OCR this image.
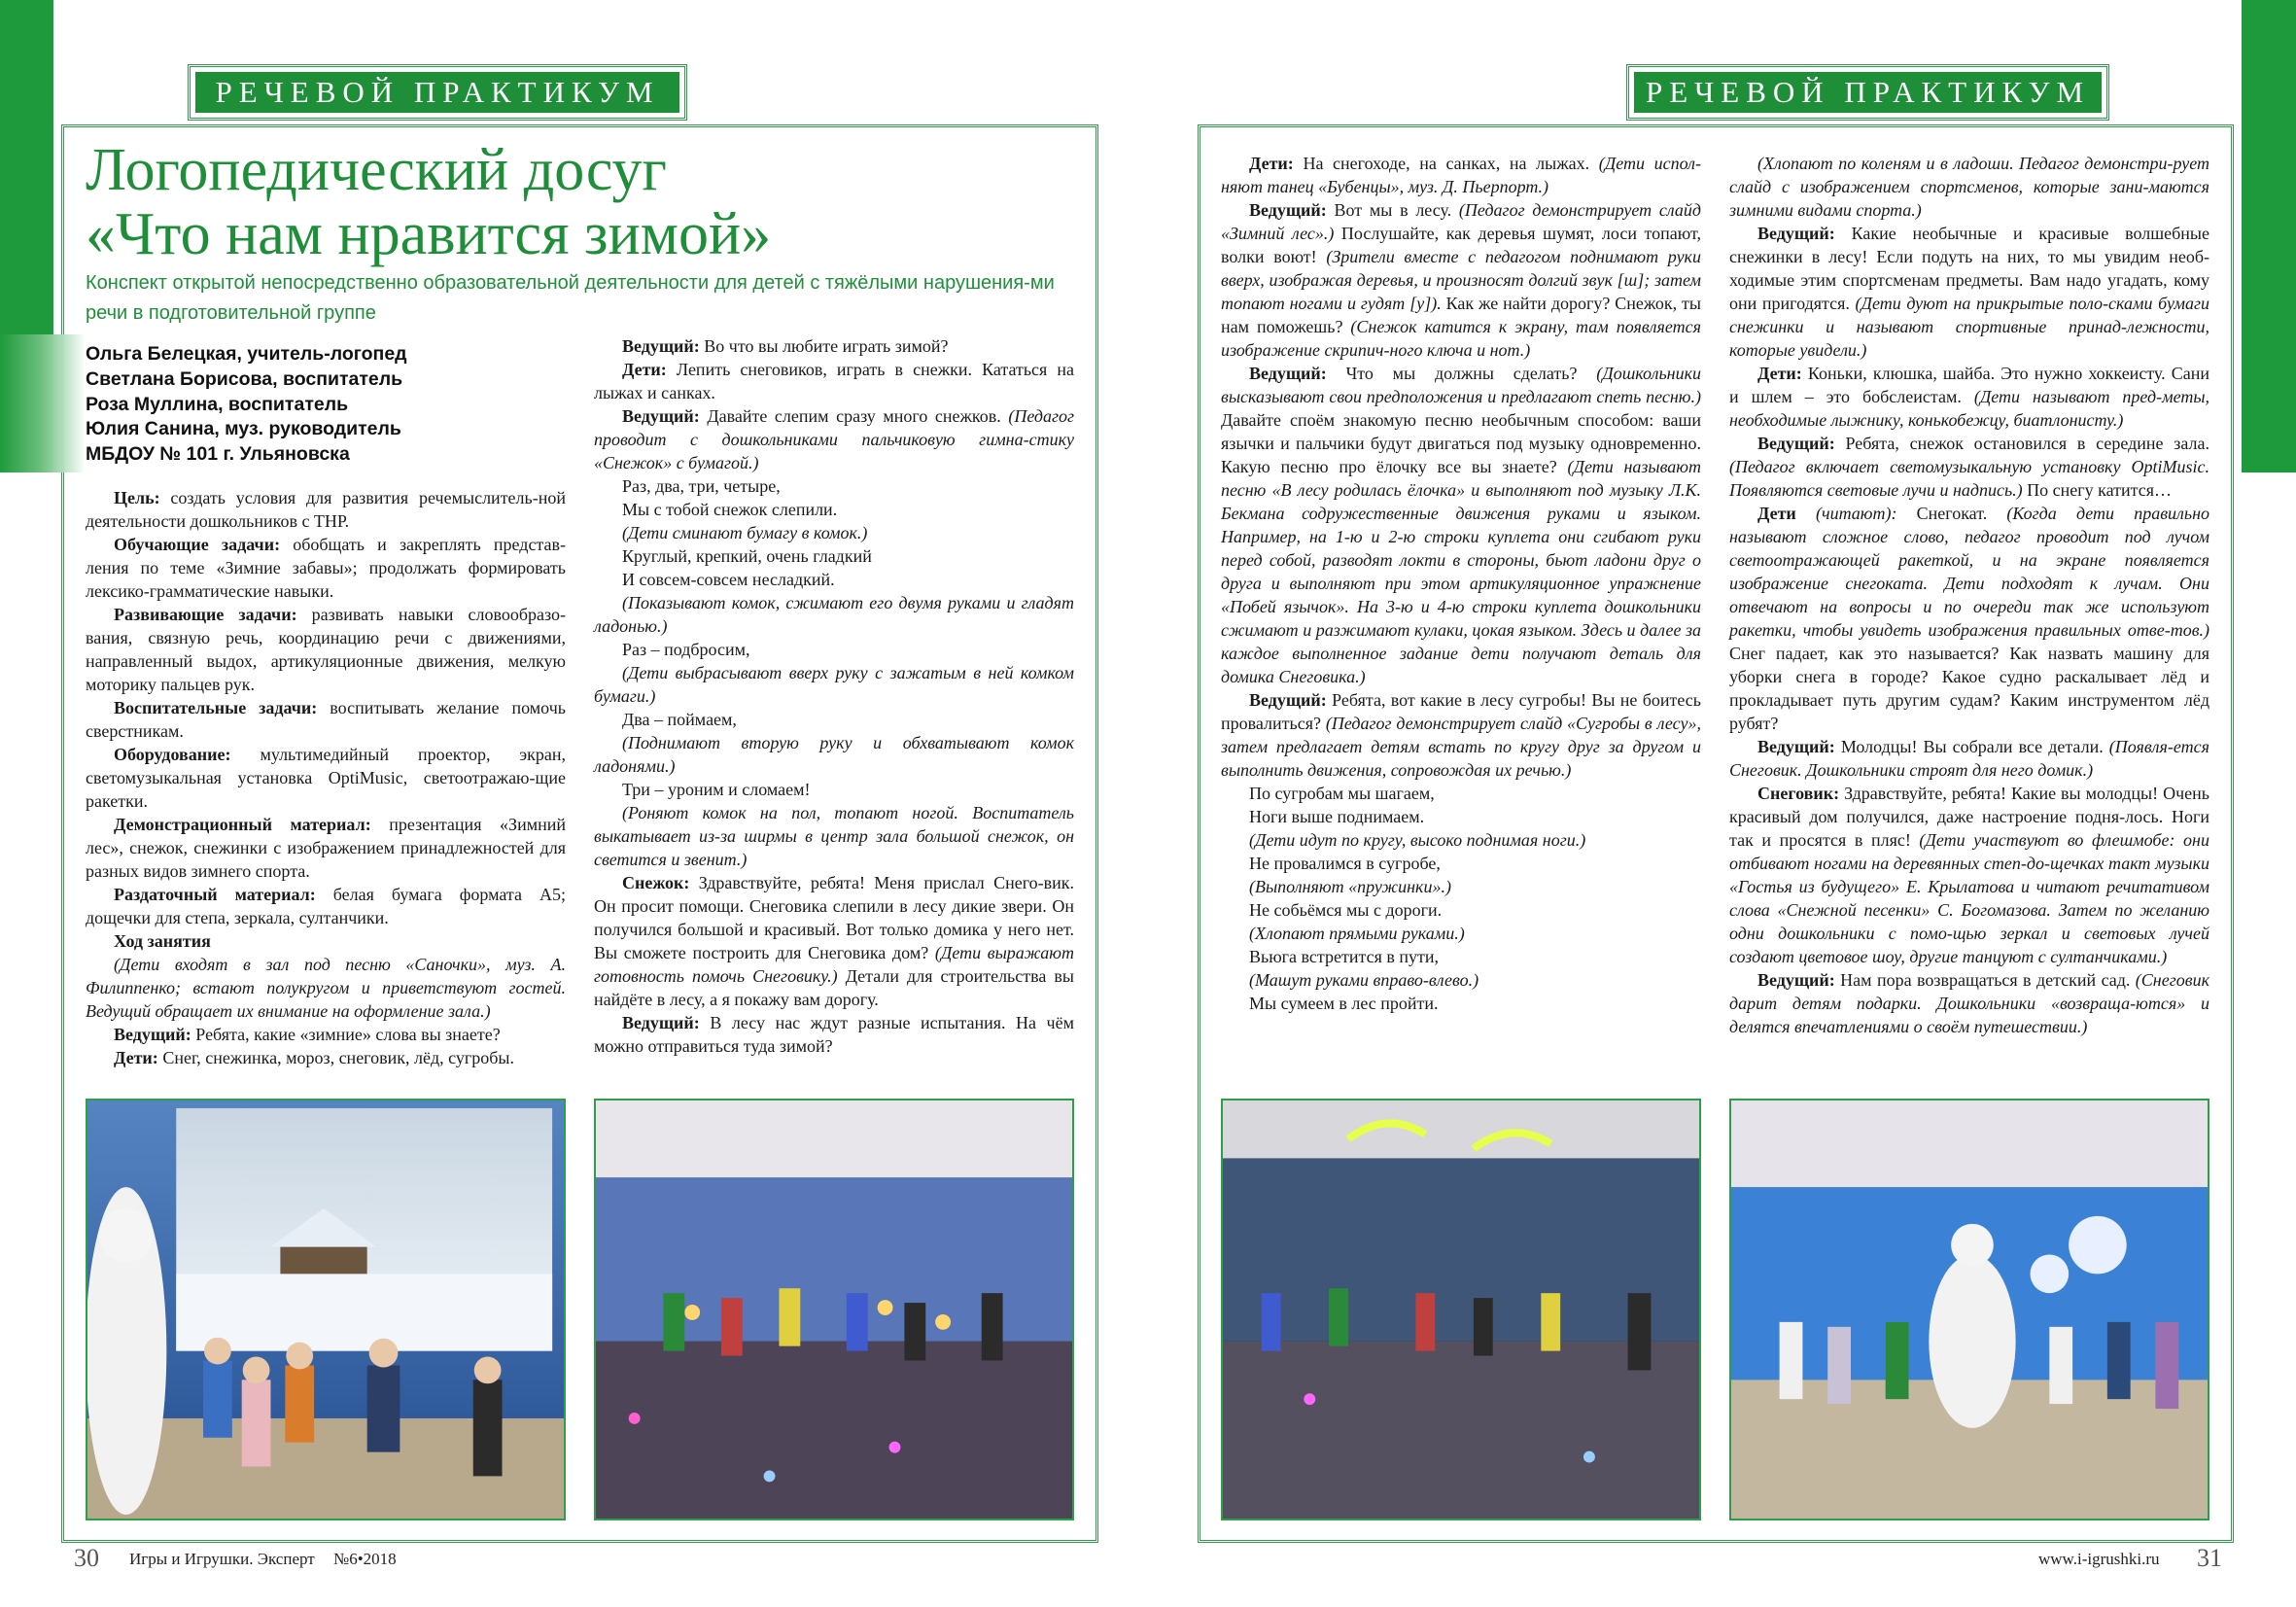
РЕЧЕВОЙ ПРАКТИКУМ	РЕЧЕВОЙ ПРАКТИКУМ
Логопедический досуг
«Что нам нравится зимой»
Конспект открытой непосредственно образовательной деятельности для детей с тяжёлыми нарушения-ми речи в подготовительной группе
Ольга Белецкая, учитель-логопед
Светлана Борисова, воспитатель
Роза Муллина, воспитатель
Юлия Санина, муз. руководитель
МБДОУ № 101 г. Ульяновска

Цель: создать условия для развития речемыслитель-ной деятельности дошкольников с ТНР.

Обучающие задачи: обобщать и закреплять представ-ления по теме «Зимние забавы»; продолжать формировать лексико-грамматические навыки.

Развивающие задачи: развивать навыки словообразо-вания, связную речь, координацию речи с движениями, направленный выдох, артикуляционные движения, мелкую моторику пальцев рук.

Воспитательные задачи: воспитывать желание помочь сверстникам.

Оборудование: мультимедийный проектор, экран, светомузыкальная установка OptiMusic, светоотражаю-щие ракетки.

Демонстрационный материал: презентация «Зимний лес», снежок, снежинки с изображением принадлежностей для разных видов зимнего спорта.

Раздаточный материал: белая бумага формата А5; дощечки для степа, зеркала, султанчики.

Ход занятия

(Дети входят в зал под песню «Саночки», муз. А. Филиппенко; встают полукругом и приветствуют гостей. Ведущий обращает их внимание на оформление зала.)

Ведущий: Ребята, какие «зимние» слова вы знаете?

Дети: Снег, снежинка, мороз, снеговик, лёд, сугробы.

Ведущий: Во что вы любите играть зимой?

Дети: Лепить снеговиков, играть в снежки. Кататься на лыжах и санках.

Ведущий: Давайте слепим сразу много снежков. (Педагог проводит с дошкольниками пальчиковую гимна-стику «Снежок» с бумагой.)

Раз, два, три, четыре,

Мы с тобой снежок слепили.

(Дети сминают бумагу в комок.)

Круглый, крепкий, очень гладкий

И совсем-совсем несладкий.

(Показывают комок, сжимают его двумя руками и гладят ладонью.)

Раз – подбросим,

(Дети выбрасывают вверх руку с зажатым в ней комком бумаги.)

Два – поймаем,

(Поднимают вторую руку и обхватывают комок ладонями.)

Три – уроним и сломаем!

(Роняют комок на пол, топают ногой. Воспитатель выкатывает из-за ширмы в центр зала большой снежок, он светится и звенит.)

Снежок: Здравствуйте, ребята! Меня прислал Снего-вик. Он просит помощи. Снеговика слепили в лесу дикие звери. Он получился большой и красивый. Вот только домика у него нет. Вы сможете построить для Снеговика дом? (Дети выражают готовность помочь Снеговику.) Детали для строительства вы найдёте в лесу, а я покажу вам дорогу.

Ведущий: В лесу нас ждут разные испытания. На чём можно отправиться туда зимой?

Дети: На снегоходе, на санках, на лыжах. (Дети испол-няют танец «Бубенцы», муз. Д. Пьерпорт.)

Ведущий: Вот мы в лесу. (Педагог демонстрирует слайд «Зимний лес».) Послушайте, как деревья шумят, лоси топают, волки воют! (Зрители вместе с педагогом поднимают руки вверх, изображая деревья, и произносят долгий звук [ш]; затем топают ногами и гудят [у]). Как же найти дорогу? Снежок, ты нам поможешь? (Снежок катится к экрану, там появляется изображение скрипич-ного ключа и нот.)

Ведущий: Что мы должны сделать? (Дошкольники высказывают свои предположения и предлагают спеть песню.) Давайте споём знакомую песню необычным способом: ваши язычки и пальчики будут двигаться под музыку одновременно. Какую песню про ёлочку все вы знаете? (Дети называют песню «В лесу родилась ёлочка» и выполняют под музыку Л.К. Бекмана содружественные движения руками и языком. Например, на 1-ю и 2-ю строки куплета они сгибают руки перед собой, разводят локти в стороны, бьют ладони друг о друга и выполняют при этом артикуляционное упражнение «Побей язычок». На 3-ю и 4-ю строки куплета дошкольники сжимают и разжимают кулаки, цокая языком. Здесь и далее за каждое выполненное задание дети получают деталь для домика Снеговика.)

Ведущий: Ребята, вот какие в лесу сугробы! Вы не боитесь провалиться? (Педагог демонстрирует слайд «Сугробы в лесу», затем предлагает детям встать по кругу друг за другом и выполнить движения, сопровождая их речью.)

По сугробам мы шагаем,

Ноги выше поднимаем.

(Дети идут по кругу, высоко поднимая ноги.)

Не провалимся в сугробе,

(Выполняют «пружинки».)

Не собьёмся мы с дороги.

(Хлопают прямыми руками.)

Вьюга встретится в пути,

(Машут руками вправо-влево.)

Мы сумеем в лес пройти.

(Хлопают по коленям и в ладоши. Педагог демонстри-рует слайд с изображением спортсменов, которые зани-маются зимними видами спорта.)

Ведущий: Какие необычные и красивые волшебные снежинки в лесу! Если подуть на них, то мы увидим необ-ходимые этим спортсменам предметы. Вам надо угадать, кому они пригодятся. (Дети дуют на прикрытые поло-сками бумаги снежинки и называют спортивные принад-лежности, которые увидели.)

Дети: Коньки, клюшка, шайба. Это нужно хоккеисту. Сани и шлем – это бобслеистам. (Дети называют пред-меты, необходимые лыжнику, конькобежцу, биатлонисту.)

Ведущий: Ребята, снежок остановился в середине зала. (Педагог включает светомузыкальную установку OptiMusic. Появляются световые лучи и надпись.) По снегу катится…

Дети (читают): Снегокат. (Когда дети правильно называют сложное слово, педагог проводит под лучом светоотражающей ракеткой, и на экране появляется изображение снегоката. Дети подходят к лучам. Они отвечают на вопросы и по очереди так же используют ракетки, чтобы увидеть изображения правильных отве-тов.) Снег падает, как это называется? Как назвать машину для уборки снега в городе? Какое судно раскалывает лёд и прокладывает путь другим судам? Каким инструментом лёд рубят?

Ведущий: Молодцы! Вы собрали все детали. (Появля-ется Снеговик. Дошкольники строят для него домик.)

Снеговик: Здравствуйте, ребята! Какие вы молодцы! Очень красивый дом получился, даже настроение подня-лось. Ноги так и просятся в пляс! (Дети участвуют во флешмобе: они отбивают ногами на деревянных степ-до-щечках такт музыки «Гостья из будущего» Е. Крылатова и читают речитативом слова «Снежной песенки» С. Богомазова. Затем по желанию одни дошкольники с помо-щью зеркал и световых лучей создают цветовое шоу, другие танцуют с султанчиками.)

Ведущий: Нам пора возвращаться в детский сад. (Снеговик дарит детям подарки. Дошкольники «возвраща-ются» и делятся впечатлениями о своём путешествии.)

30 Игры и Игрушки. Эксперт №6•2018	www.i-igrushki.ru 31
